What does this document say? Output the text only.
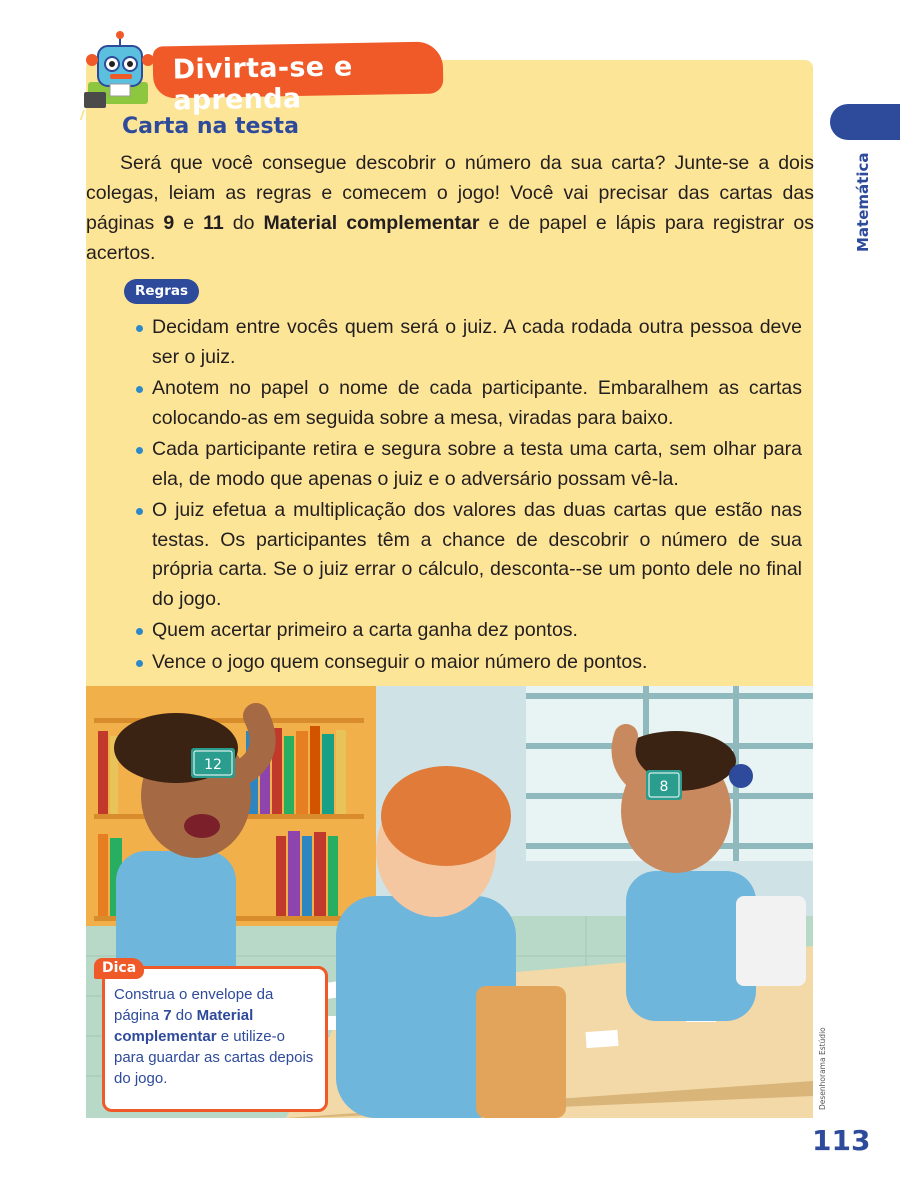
Divirta-se e aprenda
Carta na testa

Será que você consegue descobrir o número da sua carta? Junte-se a dois colegas, leiam as regras e comecem o jogo! Você vai precisar das cartas das páginas 9 e 11 do Material complementar e de papel e lápis para registrar os acertos.

Regras
Decidam entre vocês quem será o juiz. A cada rodada outra pessoa deve ser o juiz.
Anotem no papel o nome de cada participante. Embaralhem as cartas colocando-as em seguida sobre a mesa, viradas para baixo.
Cada participante retira e segura sobre a testa uma carta, sem olhar para ela, de modo que apenas o juiz e o adversário possam vê-la.
O juiz efetua a multiplicação dos valores das duas cartas que estão nas testas. Os participantes têm a chance de descobrir o número de sua própria carta. Se o juiz errar o cálculo, desconta--se um ponto dele no final do jogo.
Quem acertar primeiro a carta ganha dez pontos.
Vence o jogo quem conseguir o maior número de pontos.
Matemática
12
8
Desenhorama Estúdio
Dica
Construa o envelope da página 7 do Material complementar e utilize-o para guardar as cartas depois do jogo.
113
